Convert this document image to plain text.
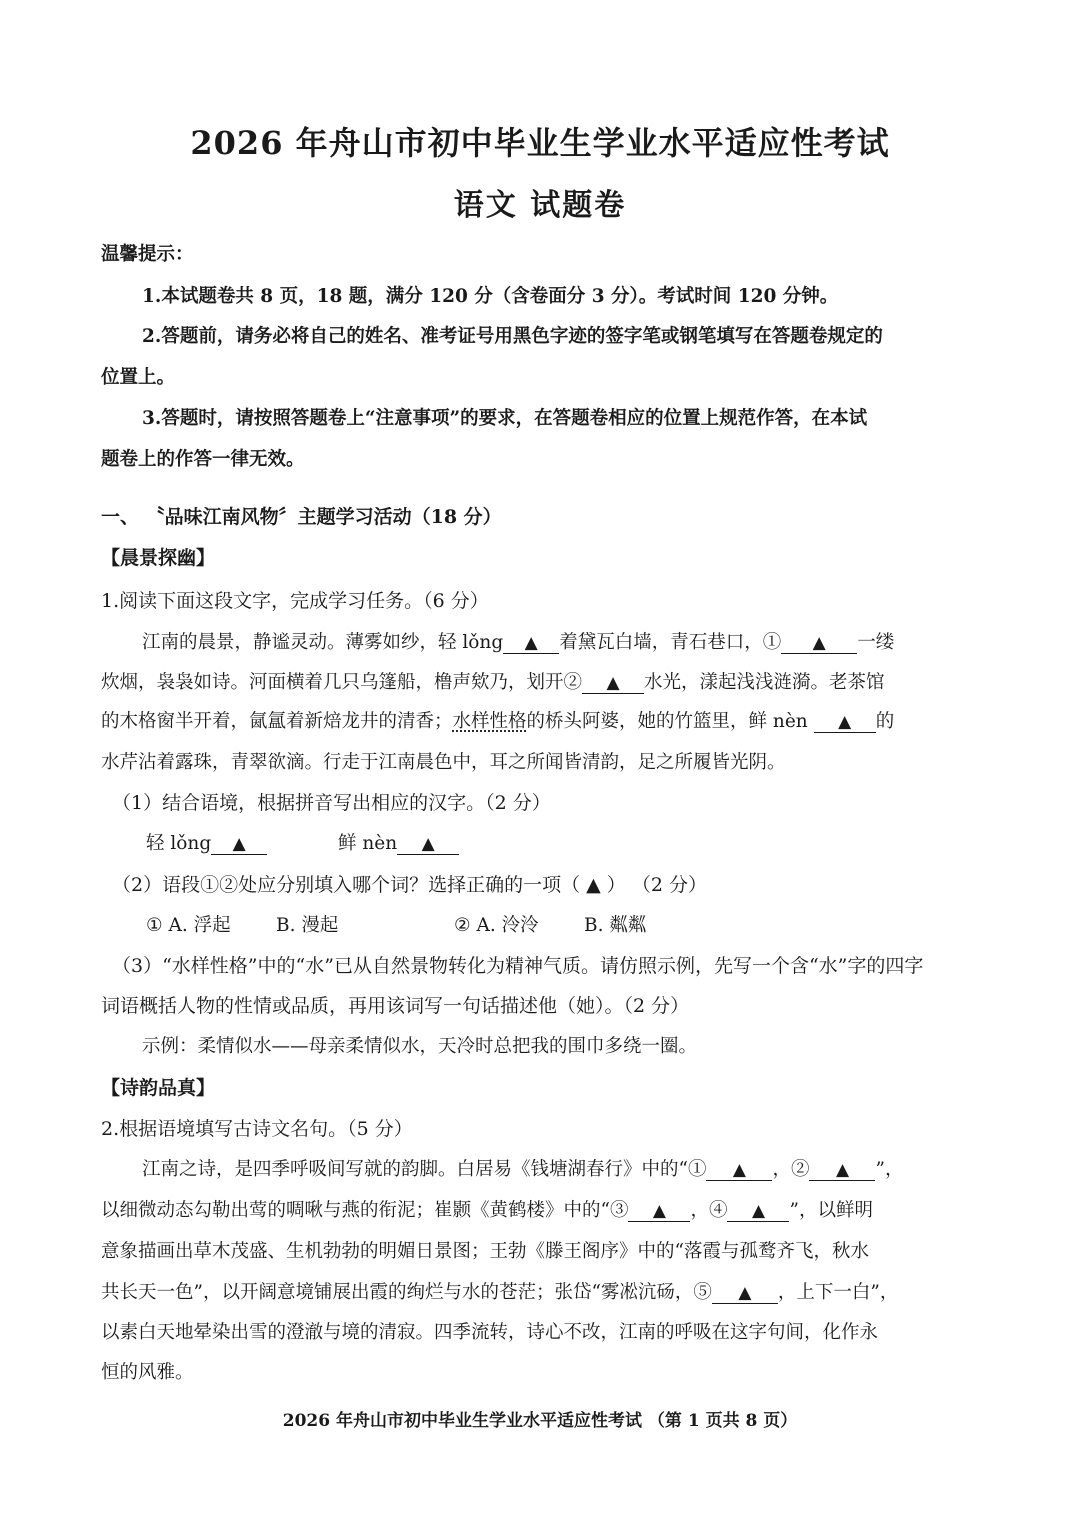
2026 年舟山市初中毕业生学业水平适应性考试
语文 试题卷
温馨提示：
1.本试题卷共 8 页，18 题，满分 120 分（含卷面分 3 分）。考试时间 120 分钟。
2.答题前，请务必将自己的姓名、准考证号用黑色字迹的签字笔或钢笔填写在答题卷规定的
位置上。
3.答题时，请按照答题卷上“注意事项”的要求，在答题卷相应的位置上规范作答，在本试
题卷上的作答一律无效。
一、 〝品味江南风物〞主题学习活动（18 分）
【晨景探幽】
1.阅读下面这段文字，完成学习任务。（6 分）
江南的晨景，静谧灵动。薄雾如纱，轻 lǒng ▲ 着黛瓦白墙，青石巷口，① ▲ 一缕
炊烟，袅袅如诗。河面横着几只乌篷船，橹声欸乃，划开② ▲ 水光，漾起浅浅涟漪。老茶馆
的木格窗半开着，氤氲着新焙龙井的清香；水样性格的桥头阿婆，她的竹篮里，鲜 nèn ▲ 的
水芹沾着露珠，青翠欲滴。行走于江南晨色中，耳之所闻皆清韵，足之所履皆光阴。
（1）结合语境，根据拼音写出相应的汉字。（2 分）
轻 lǒng ▲	鲜 nèn ▲
（2）语段①②处应分别填入哪个词？选择正确的一项（ ▲ ） （2 分）
① A. 浮起 B. 漫起	② A. 泠泠 B. 粼粼
（3）“水样性格”中的“水”已从自然景物转化为精神气质。请仿照示例，先写一个含“水”字的四字
词语概括人物的性情或品质，再用该词写一句话描述他（她）。（2 分）
示例：柔情似水——母亲柔情似水，天冷时总把我的围巾多绕一圈。
【诗韵品真】
2.根据语境填写古诗文名句。（5 分）
江南之诗，是四季呼吸间写就的韵脚。白居易《钱塘湖春行》中的“① ▲ ，② ▲ ”，
以细微动态勾勒出莺的啁啾与燕的衔泥；崔颢《黄鹤楼》中的“③ ▲ ，④ ▲ ”，以鲜明
意象描画出草木茂盛、生机勃勃的明媚日景图；王勃《滕王阁序》中的“落霞与孤鹜齐飞，秋水
共长天一色”，以开阔意境铺展出霞的绚烂与水的苍茫；张岱“雾凇沆砀，⑤ ▲ ，上下一白”，
以素白天地晕染出雪的澄澈与境的清寂。四季流转，诗心不改，江南的呼吸在这字句间，化作永
恒的风雅。
2026 年舟山市初中毕业生学业水平适应性考试 （第 1 页共 8 页）
